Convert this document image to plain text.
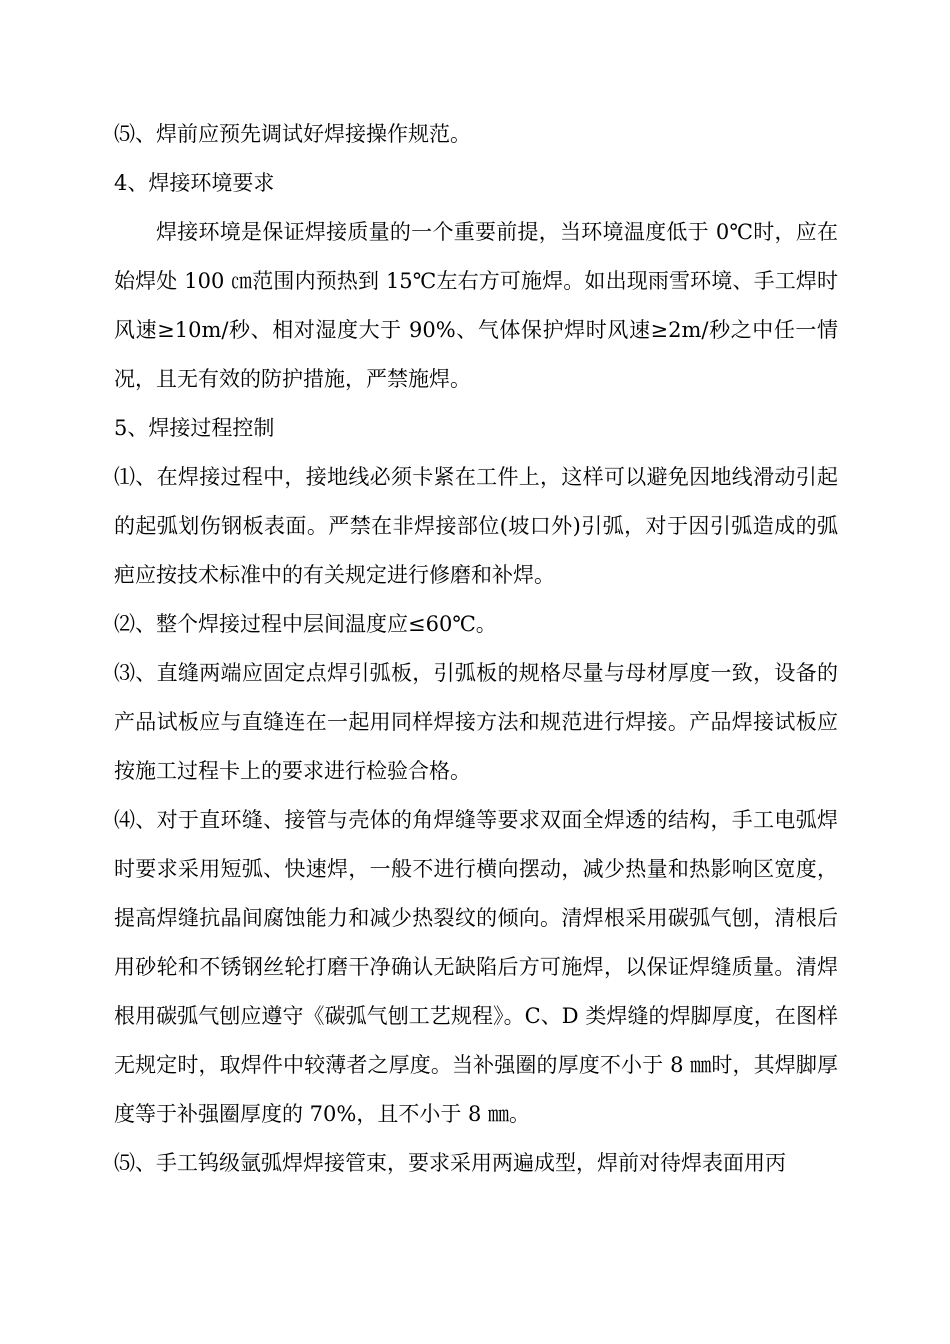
⑸、焊前应预先调试好焊接操作规范。

4、焊接环境要求

焊接环境是保证焊接质量的一个重要前提，当环境温度低于 0℃时，应在始焊处 100 ㎝范围内预热到 15℃左右方可施焊。如出现雨雪环境、手工焊时风速≥10m/秒、相对湿度大于 90%、气体保护焊时风速≥2m/秒之中任一情况，且无有效的防护措施，严禁施焊。

5、焊接过程控制

⑴、在焊接过程中，接地线必须卡紧在工件上，这样可以避免因地线滑动引起的起弧划伤钢板表面。严禁在非焊接部位(坡口外)引弧，对于因引弧造成的弧疤应按技术标准中的有关规定进行修磨和补焊。

⑵、整个焊接过程中层间温度应≤60℃。

⑶、直缝两端应固定点焊引弧板，引弧板的规格尽量与母材厚度一致，设备的产品试板应与直缝连在一起用同样焊接方法和规范进行焊接。产品焊接试板应按施工过程卡上的要求进行检验合格。

⑷、对于直环缝、接管与壳体的角焊缝等要求双面全焊透的结构，手工电弧焊时要求采用短弧、快速焊，一般不进行横向摆动，减少热量和热影响区宽度，提高焊缝抗晶间腐蚀能力和减少热裂纹的倾向。清焊根采用碳弧气刨，清根后用砂轮和不锈钢丝轮打磨干净确认无缺陷后方可施焊，以保证焊缝质量。清焊根用碳弧气刨应遵守《碳弧气刨工艺规程》。C、D 类焊缝的焊脚厚度，在图样无规定时，取焊件中较薄者之厚度。当补强圈的厚度不小于 8 ㎜时，其焊脚厚度等于补强圈厚度的 70%，且不小于 8 ㎜。

⑸、手工钨级氩弧焊焊接管束，要求采用两遍成型，焊前对待焊表面用丙
